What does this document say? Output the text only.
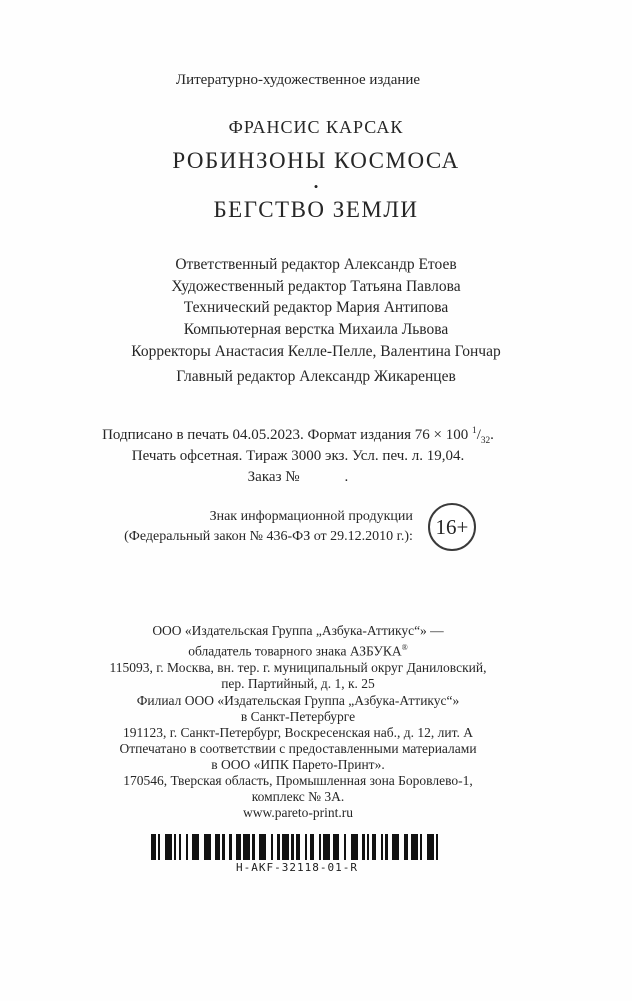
Литературно-художественное издание
ФРАНСИС КАРСАК
РОБИНЗОНЫ КОСМОСА
•
БЕГСТВО ЗЕМЛИ
Ответственный редактор Александр Етоев
Художественный редактор Татьяна Павлова
Технический редактор Мария Антипова
Компьютерная верстка Михаила Львова
Корректоры Анастасия Келле-Пелле, Валентина Гончар
Главный редактор Александр Жикаренцев
Подписано в печать 04.05.2023. Формат издания 76 × 100 $^1/_{32}$.
Печать офсетная. Тираж 3000 экз. Усл. печ. л. 19,04.
Заказ №            .
Знак информационной продукции
(Федеральный закон № 436-ФЗ от 29.12.2010 г.): 16+
ООО «Издательская Группа „Азбука-Аттикус“» —
обладатель товарного знака АЗБУКА®
115093, г. Москва, вн. тер. г. муниципальный округ Даниловский,
пер. Партийный, д. 1, к. 25
Филиал ООО «Издательская Группа „Азбука-Аттикус“»
в Санкт-Петербурге
191123, г. Санкт-Петербург, Воскресенская наб., д. 12, лит. А
Отпечатано в соответствии с предоставленными материалами
в ООО «ИПК Парето-Принт».
170546, Тверская область, Промышленная зона Боровлево-1,
комплекс № 3А.
www.pareto-print.ru
H-AKF-32118-01-R
